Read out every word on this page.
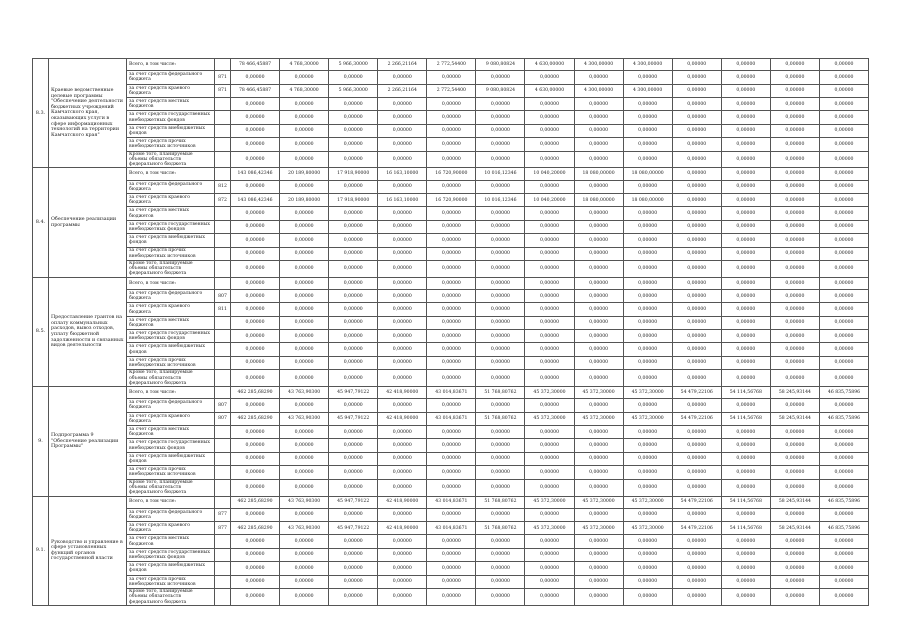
8.3.	Краевые ведомственные целевые программы "Обеспечение деятельности бюджетных учреждений Камчатского края, оказывающих услуги в сфере информационных технологий на территории Камчатского края"	Всего, в том числе:		78 466,45887	4 768,30000	5 966,30000	2 266,21164	2 772,54400	9 080,80824	4 630,00000	4 300,00000	4 300,00000	0,00000	0,00000	0,00000	0,00000
		за счет средств федерального бюджета	871	0,00000	0,00000	0,00000	0,00000	0,00000	0,00000	0,00000	0,00000	0,00000	0,00000	0,00000	0,00000	0,00000
		за счет средств краевого бюджета	871	78 466,45887	4 768,30000	5 966,30000	2 266,21164	2 772,54400	9 080,80824	4 630,00000	4 300,00000	4 300,00000	0,00000	0,00000	0,00000	0,00000
		за счет средств местных бюджетов		0,00000	0,00000	0,00000	0,00000	0,00000	0,00000	0,00000	0,00000	0,00000	0,00000	0,00000	0,00000	0,00000
		за счет средств государственных внебюджетных фондов		0,00000	0,00000	0,00000	0,00000	0,00000	0,00000	0,00000	0,00000	0,00000	0,00000	0,00000	0,00000	0,00000
		за счет средств внебюджетных фондов		0,00000	0,00000	0,00000	0,00000	0,00000	0,00000	0,00000	0,00000	0,00000	0,00000	0,00000	0,00000	0,00000
		за счет средств прочих внебюджетных источников		0,00000	0,00000	0,00000	0,00000	0,00000	0,00000	0,00000	0,00000	0,00000	0,00000	0,00000	0,00000	0,00000
		Кроме того, планируемые объемы обязательств федерального бюджета		0,00000	0,00000	0,00000	0,00000	0,00000	0,00000	0,00000	0,00000	0,00000	0,00000	0,00000	0,00000	0,00000
8.4.	Обеспечение реализации программы	Всего, в том числе:		143 086,42346	20 189,80000	17 918,90000	16 163,10000	16 720,90000	10 016,12346	10 040,20000	18 080,00000	18 080,00000	0,00000	0,00000	0,00000	0,00000
		за счет средств федерального бюджета	812	0,00000	0,00000	0,00000	0,00000	0,00000	0,00000	0,00000	0,00000	0,00000	0,00000	0,00000	0,00000	0,00000
		за счет средств краевого бюджета	872	143 086,42346	20 189,80000	17 918,90000	16 163,10000	16 720,90000	10 016,12346	10 040,20000	18 080,00000	18 080,00000	0,00000	0,00000	0,00000	0,00000
		за счет средств местных бюджетов		0,00000	0,00000	0,00000	0,00000	0,00000	0,00000	0,00000	0,00000	0,00000	0,00000	0,00000	0,00000	0,00000
		за счет средств государственных внебюджетных фондов		0,00000	0,00000	0,00000	0,00000	0,00000	0,00000	0,00000	0,00000	0,00000	0,00000	0,00000	0,00000	0,00000
		за счет средств внебюджетных фондов		0,00000	0,00000	0,00000	0,00000	0,00000	0,00000	0,00000	0,00000	0,00000	0,00000	0,00000	0,00000	0,00000
		за счет средств прочих внебюджетных источников		0,00000	0,00000	0,00000	0,00000	0,00000	0,00000	0,00000	0,00000	0,00000	0,00000	0,00000	0,00000	0,00000
		Кроме того, планируемые объемы обязательств федерального бюджета		0,00000	0,00000	0,00000	0,00000	0,00000	0,00000	0,00000	0,00000	0,00000	0,00000	0,00000	0,00000	0,00000
8.5.	Предоставление грантов на оплату коммунальных расходов, вывоз отходов, уплату бюджетной задолженности и связанных видов деятельности	Всего, в том числе:		0,00000	0,00000	0,00000	0,00000	0,00000	0,00000	0,00000	0,00000	0,00000	0,00000	0,00000	0,00000	0,00000
		за счет средств федерального бюджета	807	0,00000	0,00000	0,00000	0,00000	0,00000	0,00000	0,00000	0,00000	0,00000	0,00000	0,00000	0,00000	0,00000
		за счет средств краевого бюджета	811	0,00000	0,00000	0,00000	0,00000	0,00000	0,00000	0,00000	0,00000	0,00000	0,00000	0,00000	0,00000	0,00000
		за счет средств местных бюджетов		0,00000	0,00000	0,00000	0,00000	0,00000	0,00000	0,00000	0,00000	0,00000	0,00000	0,00000	0,00000	0,00000
		за счет средств государственных внебюджетных фондов		0,00000	0,00000	0,00000	0,00000	0,00000	0,00000	0,00000	0,00000	0,00000	0,00000	0,00000	0,00000	0,00000
		за счет средств внебюджетных фондов		0,00000	0,00000	0,00000	0,00000	0,00000	0,00000	0,00000	0,00000	0,00000	0,00000	0,00000	0,00000	0,00000
		за счет средств прочих внебюджетных источников		0,00000	0,00000	0,00000	0,00000	0,00000	0,00000	0,00000	0,00000	0,00000	0,00000	0,00000	0,00000	0,00000
		Кроме того, планируемые объемы обязательств федерального бюджета		0,00000	0,00000	0,00000	0,00000	0,00000	0,00000	0,00000	0,00000	0,00000	0,00000	0,00000	0,00000	0,00000
9.	Подпрограмма 9 "Обеспечение реализации Программы"	Всего, в том числе:		462 285,68290	43 763,90300	45 947,79122	42 418,90000	43 014,83671	51 768,80762	45 372,30000	45 372,30000	45 372,30000	54 479,22106	54 114,56768	58 245,93144	46 835,75896
		за счет средств федерального бюджета	807	0,00000	0,00000	0,00000	0,00000	0,00000	0,00000	0,00000	0,00000	0,00000	0,00000	0,00000	0,00000	0,00000
		за счет средств краевого бюджета	807	462 285,68290	43 763,90300	45 947,79122	42 418,90000	43 014,83671	51 768,80762	45 372,30000	45 372,30000	45 372,30000	54 479,22106	54 114,56768	58 245,93144	46 835,75896
		за счет средств местных бюджетов		0,00000	0,00000	0,00000	0,00000	0,00000	0,00000	0,00000	0,00000	0,00000	0,00000	0,00000	0,00000	0,00000
		за счет средств государственных внебюджетных фондов		0,00000	0,00000	0,00000	0,00000	0,00000	0,00000	0,00000	0,00000	0,00000	0,00000	0,00000	0,00000	0,00000
		за счет средств внебюджетных фондов		0,00000	0,00000	0,00000	0,00000	0,00000	0,00000	0,00000	0,00000	0,00000	0,00000	0,00000	0,00000	0,00000
		за счет средств прочих внебюджетных источников		0,00000	0,00000	0,00000	0,00000	0,00000	0,00000	0,00000	0,00000	0,00000	0,00000	0,00000	0,00000	0,00000
		Кроме того, планируемые объемы обязательств федерального бюджета		0,00000	0,00000	0,00000	0,00000	0,00000	0,00000	0,00000	0,00000	0,00000	0,00000	0,00000	0,00000	0,00000
9.1.	Руководство и управление в сфере установленных функций органов государственной власти	Всего, в том числе:		462 285,68290	43 763,90300	45 947,79122	42 418,90000	43 014,83671	51 768,80762	45 372,30000	45 372,30000	45 372,30000	54 479,22106	54 114,56768	58 245,93144	46 835,75896
		за счет средств федерального бюджета	877	0,00000	0,00000	0,00000	0,00000	0,00000	0,00000	0,00000	0,00000	0,00000	0,00000	0,00000	0,00000	0,00000
		за счет средств краевого бюджета	877	462 285,68290	43 763,90300	45 947,79122	42 418,90000	43 014,83671	51 768,80762	45 372,30000	45 372,30000	45 372,30000	54 479,22106	54 114,56768	58 245,93144	46 835,75896
		за счет средств местных бюджетов		0,00000	0,00000	0,00000	0,00000	0,00000	0,00000	0,00000	0,00000	0,00000	0,00000	0,00000	0,00000	0,00000
		за счет средств государственных внебюджетных фондов		0,00000	0,00000	0,00000	0,00000	0,00000	0,00000	0,00000	0,00000	0,00000	0,00000	0,00000	0,00000	0,00000
		за счет средств внебюджетных фондов		0,00000	0,00000	0,00000	0,00000	0,00000	0,00000	0,00000	0,00000	0,00000	0,00000	0,00000	0,00000	0,00000
		за счет средств прочих внебюджетных источников		0,00000	0,00000	0,00000	0,00000	0,00000	0,00000	0,00000	0,00000	0,00000	0,00000	0,00000	0,00000	0,00000
		Кроме того, планируемые объемы обязательств федерального бюджета		0,00000	0,00000	0,00000	0,00000	0,00000	0,00000	0,00000	0,00000	0,00000	0,00000	0,00000	0,00000	0,00000
